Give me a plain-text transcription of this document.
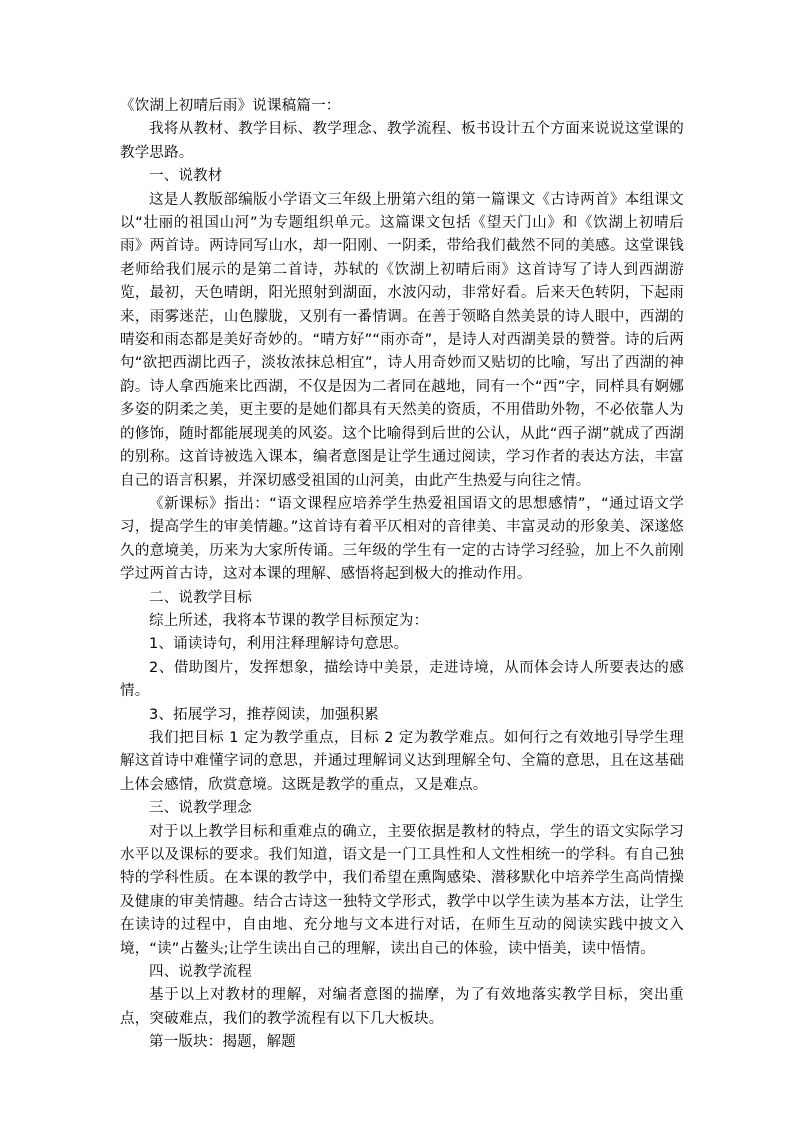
《饮湖上初晴后雨》说课稿篇一：

我将从教材、教学目标、教学理念、教学流程、板书设计五个方面来说说这堂课的教学思路。

一、说教材

这是人教版部编版小学语文三年级上册第六组的第一篇课文《古诗两首》本组课文以“壮丽的祖国山河”为专题组织单元。这篇课文包括《望天门山》和《饮湖上初晴后雨》两首诗。两诗同写山水，却一阳刚、一阴柔，带给我们截然不同的美感。这堂课钱老师给我们展示的是第二首诗，苏轼的《饮湖上初晴后雨》这首诗写了诗人到西湖游览，最初，天色晴朗，阳光照射到湖面，水波闪动，非常好看。后来天色转阴，下起雨来，雨雾迷茫，山色朦胧，又别有一番情调。在善于领略自然美景的诗人眼中，西湖的晴姿和雨态都是美好奇妙的。“晴方好”“雨亦奇”，是诗人对西湖美景的赞誉。诗的后两句“欲把西湖比西子，淡妆浓抹总相宜”，诗人用奇妙而又贴切的比喻，写出了西湖的神韵。诗人拿西施来比西湖，不仅是因为二者同在越地，同有一个“西”字，同样具有婀娜多姿的阴柔之美，更主要的是她们都具有天然美的资质，不用借助外物，不必依靠人为的修饰，随时都能展现美的风姿。这个比喻得到后世的公认，从此“西子湖”就成了西湖的别称。这首诗被选入课本，编者意图是让学生通过阅读，学习作者的表达方法，丰富自己的语言积累，并深切感受祖国的山河美，由此产生热爱与向往之情。

《新课标》指出：“语文课程应培养学生热爱祖国语文的思想感情”，“通过语文学习，提高学生的审美情趣。”这首诗有着平仄相对的音律美、丰富灵动的形象美、深遂悠久的意境美，历来为大家所传诵。三年级的学生有一定的古诗学习经验，加上不久前刚学过两首古诗，这对本课的理解、感悟将起到极大的推动作用。

二、说教学目标

综上所述，我将本节课的教学目标预定为：

1、诵读诗句，利用注释理解诗句意思。

2、借助图片，发挥想象，描绘诗中美景，走进诗境，从而体会诗人所要表达的感情。

3、拓展学习，推荐阅读，加强积累

我们把目标 1 定为教学重点，目标 2 定为教学难点。如何行之有效地引导学生理解这首诗中难懂字词的意思，并通过理解词义达到理解全句、全篇的意思，且在这基础上体会感情，欣赏意境。这既是教学的重点，又是难点。

三、说教学理念

对于以上教学目标和重难点的确立，主要依据是教材的特点，学生的语文实际学习水平以及课标的要求。我们知道，语文是一门工具性和人文性相统一的学科。有自己独特的学科性质。在本课的教学中，我们希望在熏陶感染、潜移默化中培养学生高尚情操及健康的审美情趣。结合古诗这一独特文学形式，教学中以学生读为基本方法，让学生在读诗的过程中，自由地、充分地与文本进行对话，在师生互动的阅读实践中披文入境，“读”占鳌头;让学生读出自己的理解，读出自己的体验，读中悟美，读中悟情。

四、说教学流程

基于以上对教材的理解，对编者意图的揣摩，为了有效地落实教学目标，突出重点，突破难点，我们的教学流程有以下几大板块。

第一版块：揭题，解题
